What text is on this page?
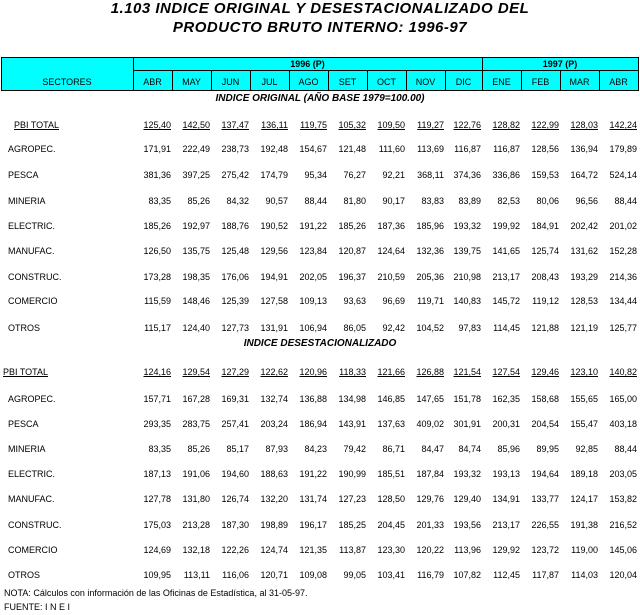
1.103 INDICE ORIGINAL Y DESESTACIONALIZADO DEL
PRODUCTO BRUTO INTERNO: 1996-97
SECTORES
1996 (P)	1997 (P)
ABR	MAY	JUN	JUL	AGO	SET	OCT	NOV	DIC	ENE	FEB	MAR	ABR
INDICE ORIGINAL (AÑO BASE 1979=100.00)
PBI TOTAL	125,40	142,50	137,47	136,11	119,75	105,32	109,50	119,27	122,76	128,82	122,99	128,03	142,24
AGROPEC.	171,91	222,49	238,73	192,48	154,67	121,48	111,60	113,69	116,87	116,87	128,56	136,94	179,89
PESCA	381,36	397,25	275,42	174,79	95,34	76,27	92,21	368,11	374,36	336,86	159,53	164,72	524,14
MINERIA	83,35	85,26	84,32	90,57	88,44	81,80	90,17	83,83	83,89	82,53	80,06	96,56	88,44
ELECTRIC.	185,26	192,97	188,76	190,52	191,22	185,26	187,36	185,96	193,32	199,92	184,91	202,42	201,02
MANUFAC.	126,50	135,75	125,48	129,56	123,84	120,87	124,64	132,36	139,75	141,65	125,74	131,62	152,28
CONSTRUC.	173,28	198,35	176,06	194,91	202,05	196,37	210,59	205,36	210,98	213,17	208,43	193,29	214,36
COMERCIO	115,59	148,46	125,39	127,58	109,13	93,63	96,69	119,71	140,83	145,72	119,12	128,53	134,44
OTROS	115,17	124,40	127,73	131,91	106,94	86,05	92,42	104,52	97,83	114,45	121,88	121,19	125,77
INDICE DESESTACIONALIZADO
PBI TOTAL	124,16	129,54	127,29	122,62	120,96	118,33	121,66	126,88	121,54	127,54	129,46	123,10	140,82
AGROPEC.	157,71	167,28	169,31	132,74	136,88	134,98	146,85	147,65	151,78	162,35	158,68	155,65	165,00
PESCA	293,35	283,75	257,41	203,24	186,94	143,91	137,63	409,02	301,91	200,31	204,54	155,47	403,18
MINERIA	83,35	85,26	85,17	87,93	84,23	79,42	86,71	84,47	84,74	85,96	89,95	92,85	88,44
ELECTRIC.	187,13	191,06	194,60	188,63	191,22	190,99	185,51	187,84	193,32	193,13	194,64	189,18	203,05
MANUFAC.	127,78	131,80	126,74	132,20	131,74	127,23	128,50	129,76	129,40	134,91	133,77	124,17	153,82
CONSTRUC.	175,03	213,28	187,30	198,89	196,17	185,25	204,45	201,33	193,56	213,17	226,55	191,38	216,52
COMERCIO	124,69	132,18	122,26	124,74	121,35	113,87	123,30	120,22	113,96	129,92	123,72	119,00	145,06
OTROS	109,95	113,11	116,06	120,71	109,08	99,05	103,41	116,79	107,82	112,45	117,87	114,03	120,04
NOTA: Cálculos con información de las Oficinas de Estadística, al 31-05-97.
FUENTE: I N E I
